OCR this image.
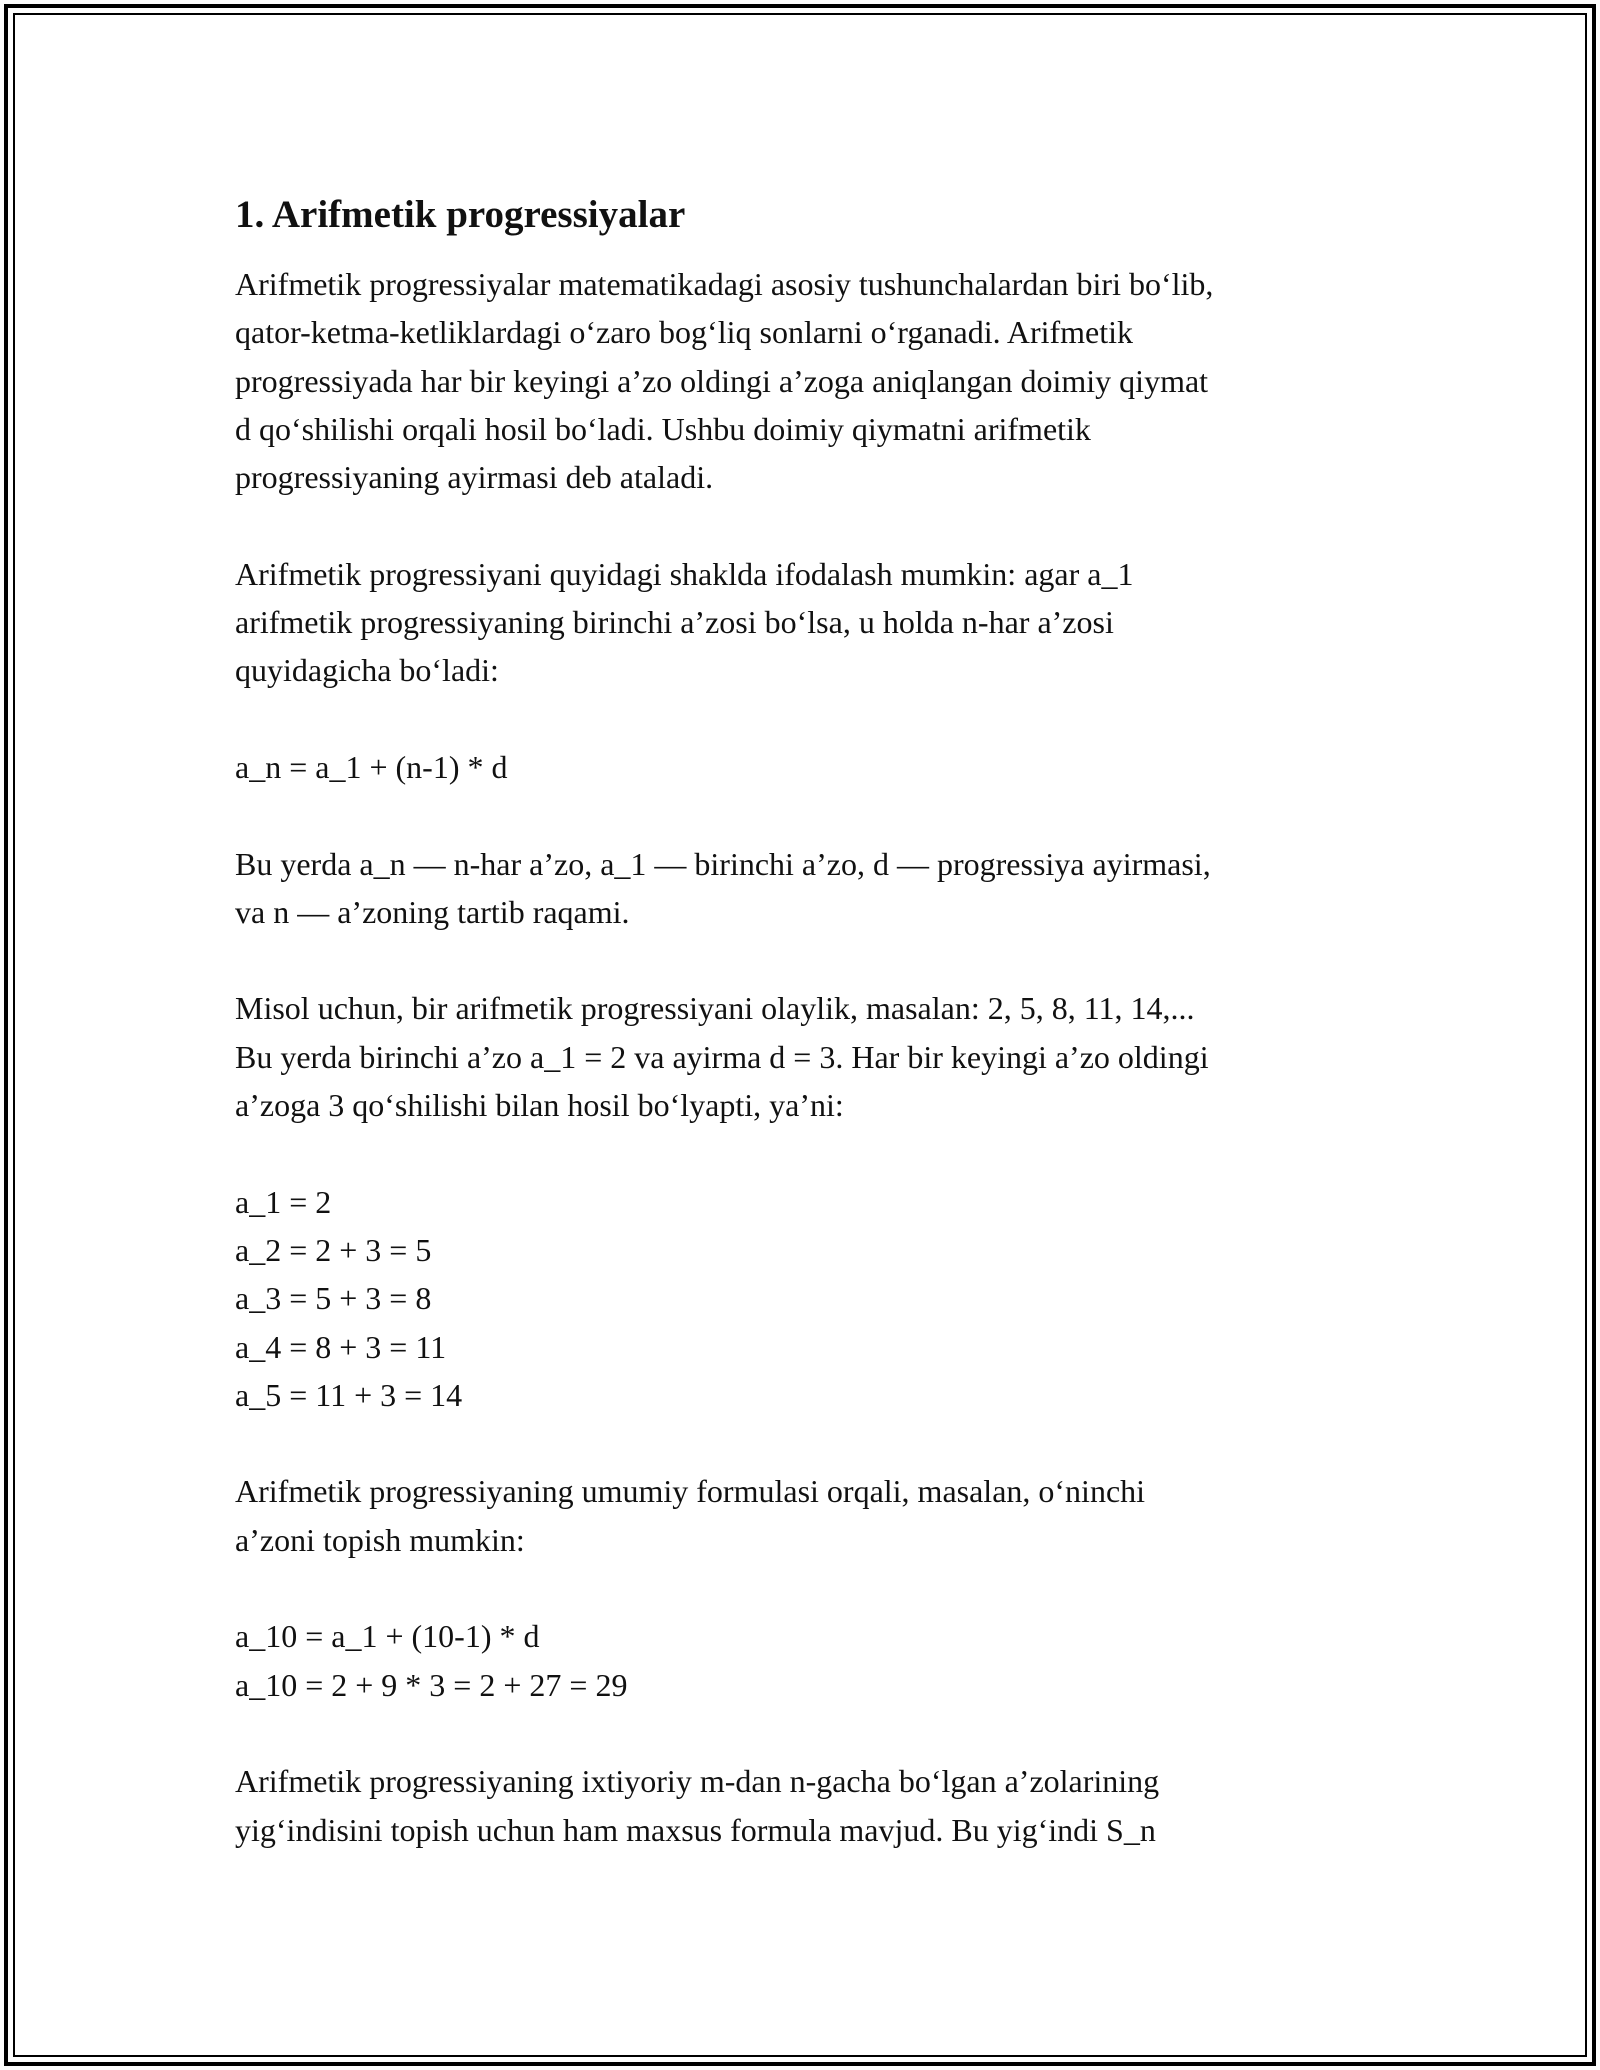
1. Arifmetik progressiyalar

Arifmetik progressiyalar matematikadagi asosiy tushunchalardan biri bo‘lib,

qator-ketma-ketliklardagi o‘zaro bog‘liq sonlarni o‘rganadi. Arifmetik

progressiyada har bir keyingi a’zo oldingi a’zoga aniqlangan doimiy qiymat

d qo‘shilishi orqali hosil bo‘ladi. Ushbu doimiy qiymatni arifmetik

progressiyaning ayirmasi deb ataladi.

Arifmetik progressiyani quyidagi shaklda ifodalash mumkin: agar a_1

arifmetik progressiyaning birinchi a’zosi bo‘lsa, u holda n-har a’zosi

quyidagicha bo‘ladi:

a_n = a_1 + (n-1) * d

Bu yerda a_n — n-har a’zo, a_1 — birinchi a’zo, d — progressiya ayirmasi,

va n — a’zoning tartib raqami.

Misol uchun, bir arifmetik progressiyani olaylik, masalan: 2, 5, 8, 11, 14,...

Bu yerda birinchi a’zo a_1 = 2 va ayirma d = 3. Har bir keyingi a’zo oldingi

a’zoga 3 qo‘shilishi bilan hosil bo‘lyapti, ya’ni:

a_1 = 2

a_2 = 2 + 3 = 5

a_3 = 5 + 3 = 8

a_4 = 8 + 3 = 11

a_5 = 11 + 3 = 14

Arifmetik progressiyaning umumiy formulasi orqali, masalan, o‘ninchi

a’zoni topish mumkin:

a_10 = a_1 + (10-1) * d

a_10 = 2 + 9 * 3 = 2 + 27 = 29

Arifmetik progressiyaning ixtiyoriy m-dan n-gacha bo‘lgan a’zolarining

yig‘indisini topish uchun ham maxsus formula mavjud. Bu yig‘indi S_n
